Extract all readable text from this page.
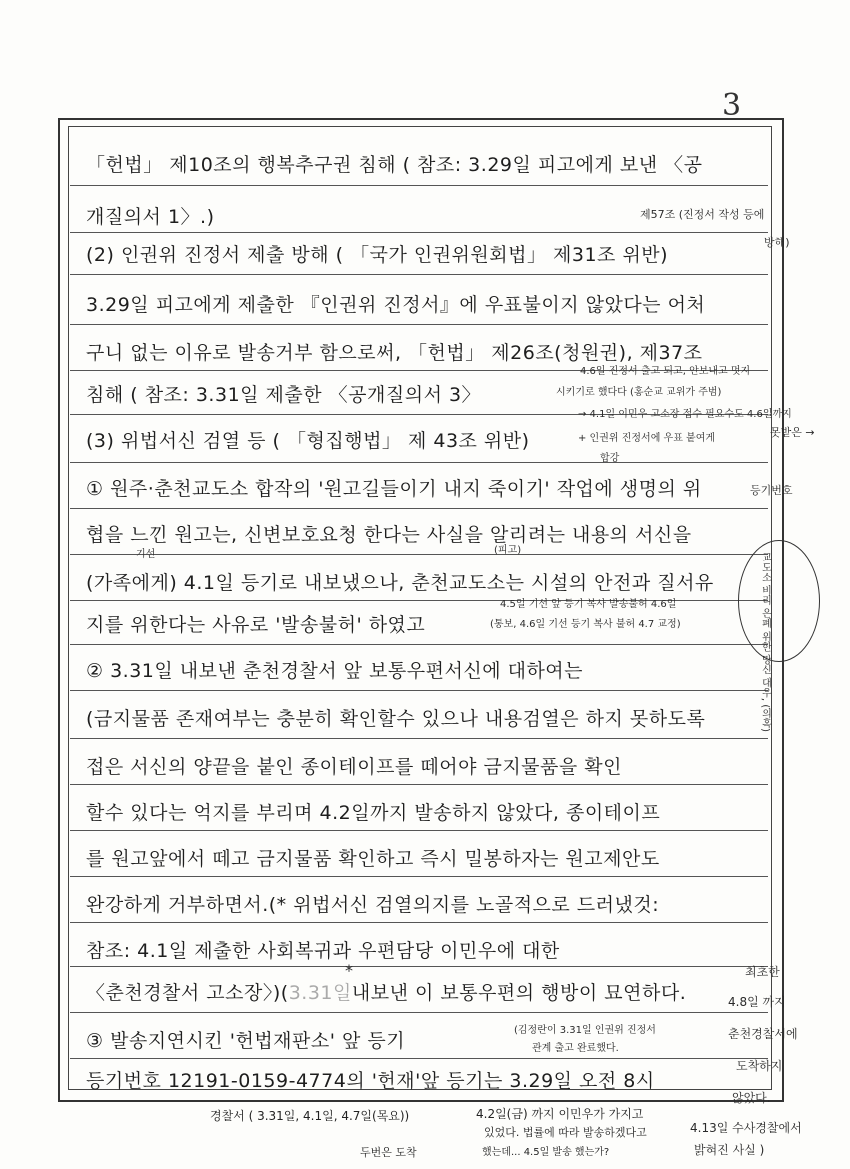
3
「헌법」 제10조의 행복추구권 침해 ( 참조: 3.29일 피고에게 보낸 〈공
개질의서 1〉.)
(2) 인권위 진정서 제출 방해 ( 「국가 인권위원회법」 제31조 위반)
3.29일 피고에게 제출한 『인권위 진정서』에 우표불이지 않았다는 어처
구니 없는 이유로 발송거부 함으로써, 「헌법」 제26조(청원권), 제37조
침해 ( 참조: 3.31일 제출한 〈공개질의서 3〉
(3) 위법서신 검열 등 ( 「형집행법」 제 43조 위반)
① 원주·춘천교도소 합작의 '원고길들이기 내지 죽이기' 작업에 생명의 위
협을 느낀 원고는, 신변보호요청 한다는 사실을 알리려는 내용의 서신을
(가족에게) 4.1일 등기로 내보냈으나, 춘천교도소는 시설의 안전과 질서유
지를 위한다는 사유로 '발송불허' 하였고
② 3.31일 내보낸 춘천경찰서 앞 보통우편서신에 대하여는
(금지물품 존재여부는 충분히 확인할수 있으나 내용검열은 하지 못하도록
접은 서신의 양끝을 붙인 종이테이프를 떼어야 금지물품을 확인
할수 있다는 억지를 부리며 4.2일까지 발송하지 않았다, 종이테이프
를 원고앞에서 떼고 금지물품 확인하고 즉시 밀봉하자는 원고제안도
완강하게 거부하면서.(* 위법서신 검열의지를 노골적으로 드러냈것:
참조: 4.1일 제출한 사회복귀과 우편담당 이민우에 대한
〈춘천경찰서 고소장〉)(3.31일내보낸 이 보통우편의 행방이 묘연하다.
③ 발송지연시킨 '헌법재판소' 앞 등기
등기번호 12191-0159-4774의 '헌재'앞 등기는 3.29일 오전 8시
제57조 (진정서 작성 등에
방해)
4.6일 진정서 출고 되고, 안보내고 멋지
시키기로 했다다 (홍순교 교위가 주범)
→ 4.1일 이민우 고소장 접수 필요수도 4.6일까지
+ 인권위 진정서에 우표 붙여게	못받은 →
등기번호
합강
기선	(피고)
4.5일 기선 앞 등기 복사 발송불허 4.6일
(통보, 4.6일 기선 등기 복사 불허 4.7 교정)	교도소 비리 은폐 위한 망신 대우, (의혹)
*	최초한
4.8일 까지
춘천경찰서에
도착하지
않았다.
(김정란이 3.31일 인권위 진정서
관계 출고 완료했다.
4.13일 수사경찰에서
밝혀진 사실 )
경찰서 ( 3.31일, 4.1일, 4.7일(목요))
두번은 도착
4.2일(금) 까지 이민우가 가지고
있었다. 법률에 따라 발송하겠다고
했는데... 4.5일 발송 했는가?
